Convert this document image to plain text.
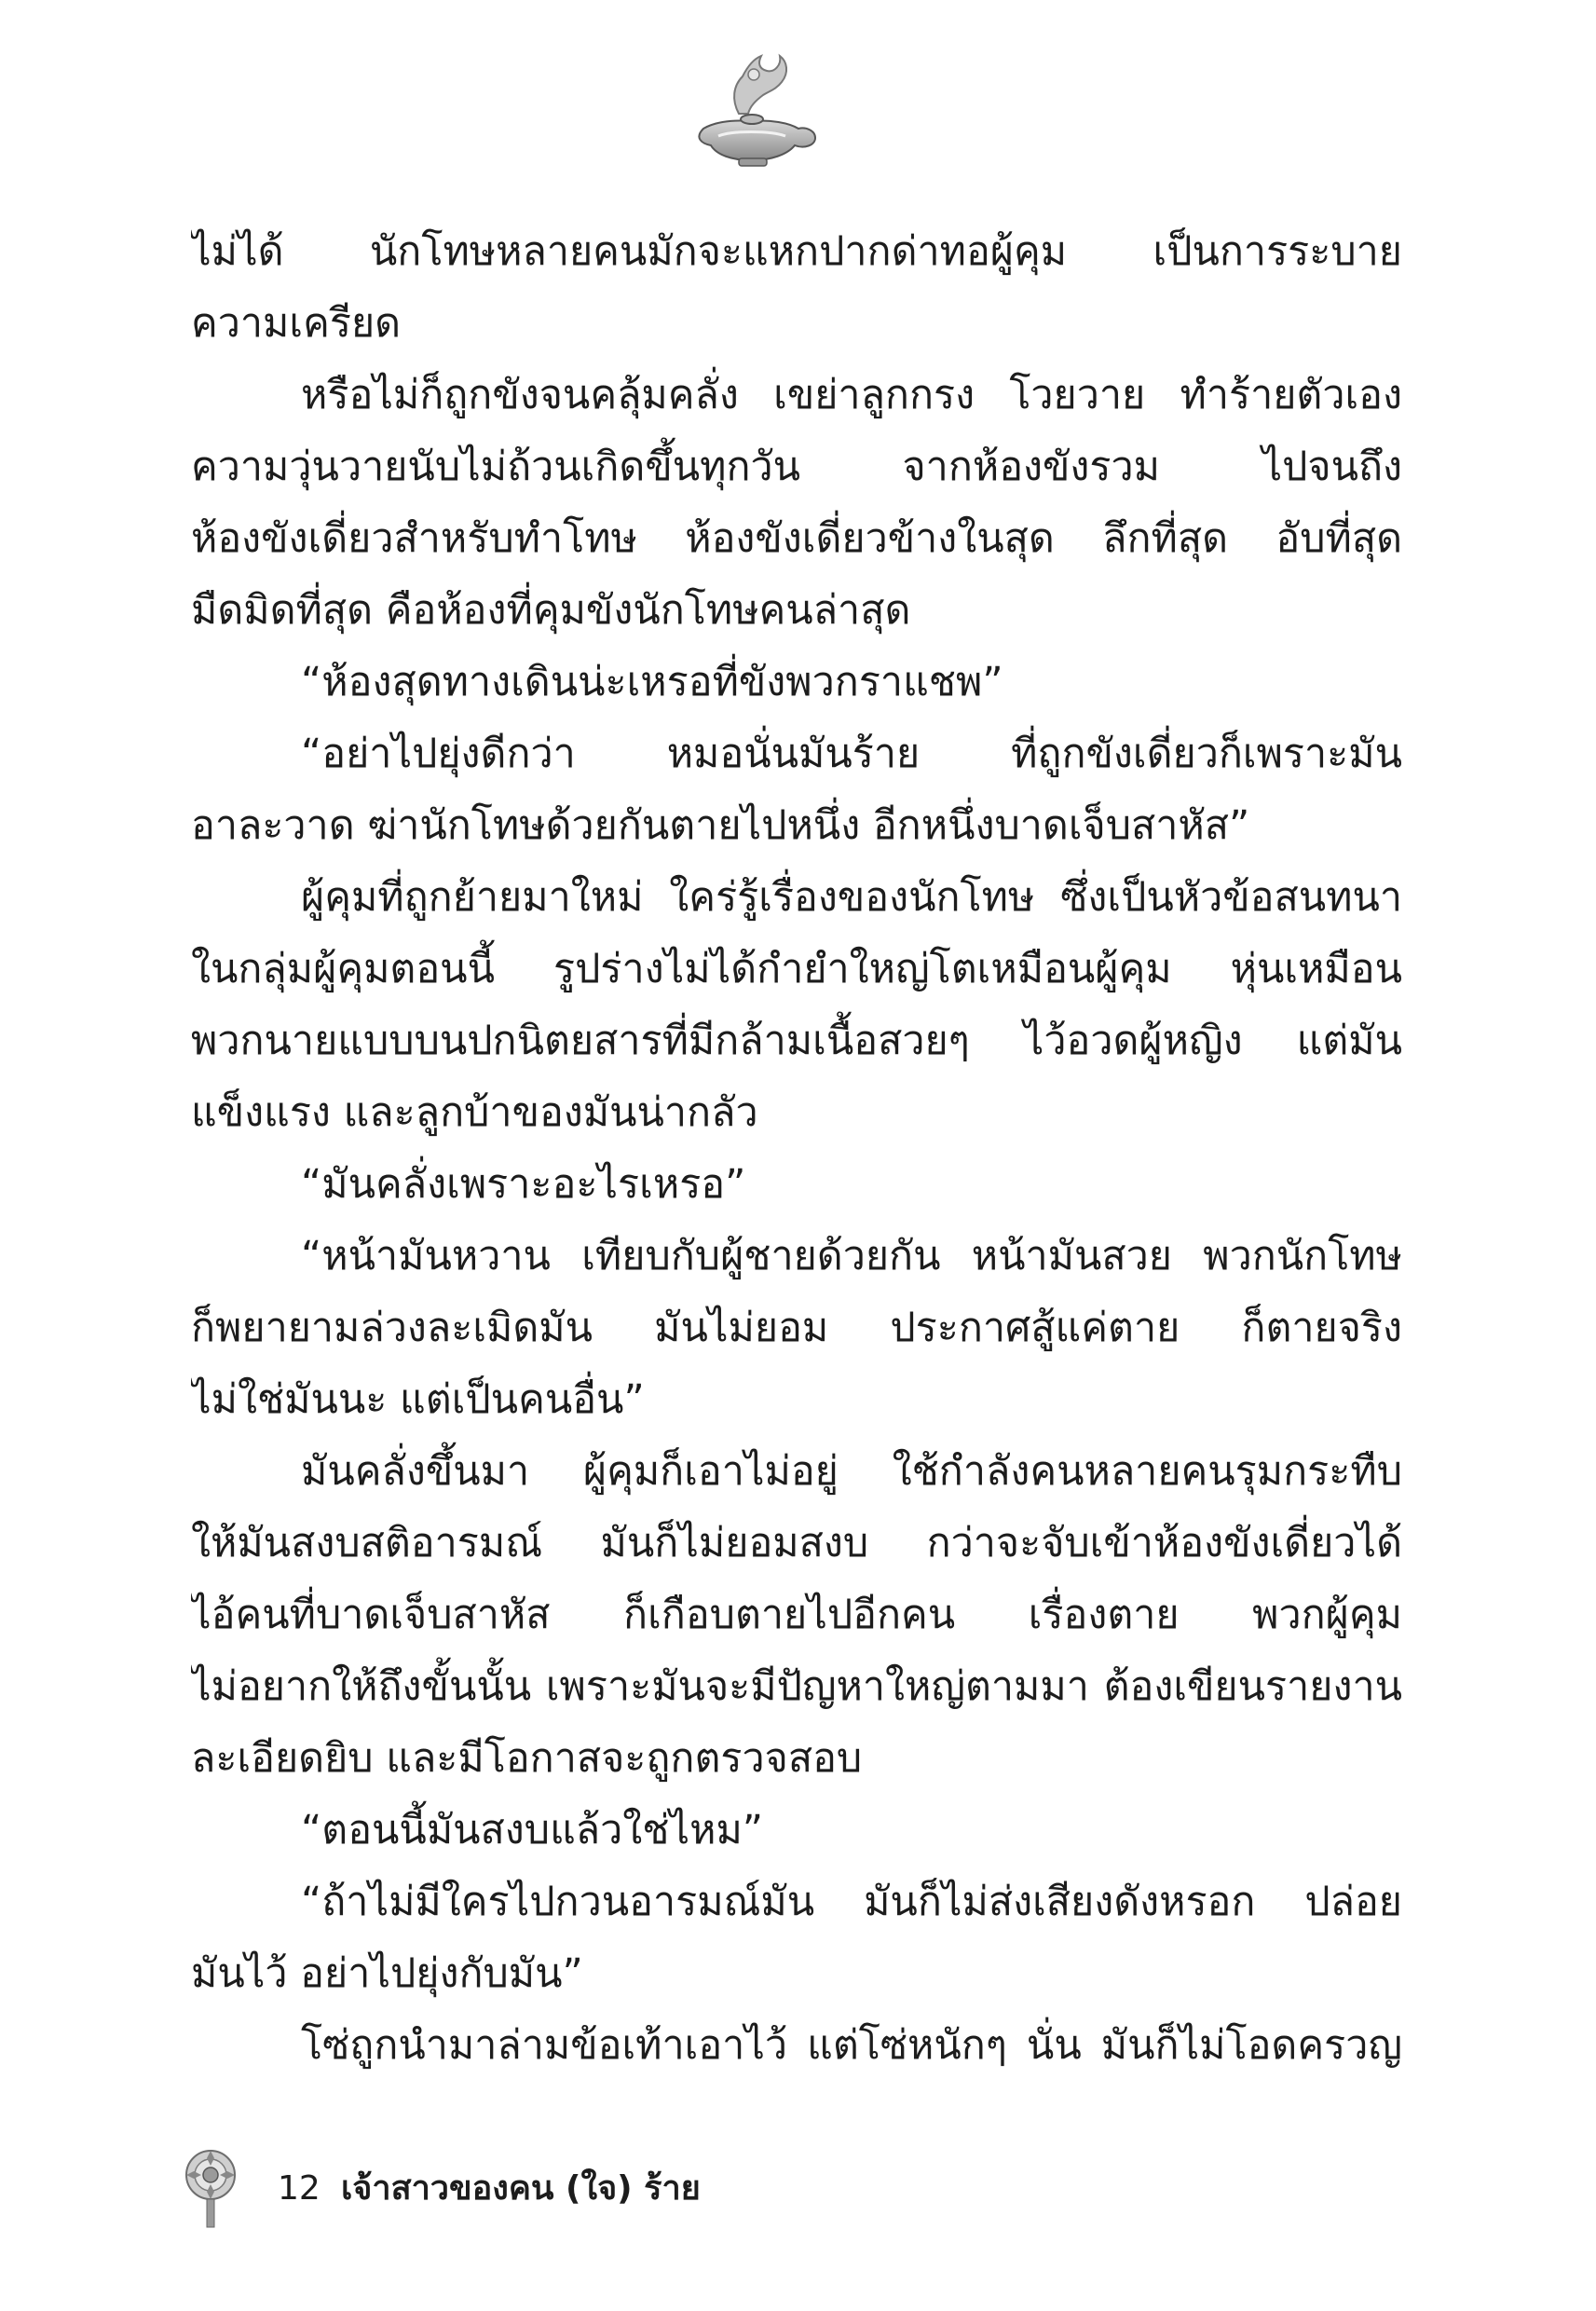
ไม่ได้ นักโทษหลายคนมักจะแหกปากด่าทอผู้คุม เป็นการระบาย
ความเครียด
หรือไม่ก็ถูกขังจนคลุ้มคลั่ง เขย่าลูกกรง โวยวาย ทำร้ายตัวเอง
ความวุ่นวายนับไม่ถ้วนเกิดขึ้นทุกวัน จากห้องขังรวม ไปจนถึง
ห้องขังเดี่ยวสำหรับทำโทษ ห้องขังเดี่ยวข้างในสุด ลึกที่สุด อับที่สุด
มืดมิดที่สุด คือห้องที่คุมขังนักโทษคนล่าสุด
“ห้องสุดทางเดินน่ะเหรอที่ขังพวกราแชพ”
“อย่าไปยุ่งดีกว่า หมอนั่นมันร้าย ที่ถูกขังเดี่ยวก็เพราะมัน
อาละวาด ฆ่านักโทษด้วยกันตายไปหนึ่ง อีกหนึ่งบาดเจ็บสาหัส”
ผู้คุมที่ถูกย้ายมาใหม่ ใคร่รู้เรื่องของนักโทษ ซึ่งเป็นหัวข้อสนทนา
ในกลุ่มผู้คุมตอนนี้ รูปร่างไม่ได้กำยำใหญ่โตเหมือนผู้คุม หุ่นเหมือน
พวกนายแบบบนปกนิตยสารที่มีกล้ามเนื้อสวยๆ ไว้อวดผู้หญิง แต่มัน
แข็งแรง และลูกบ้าของมันน่ากลัว
“มันคลั่งเพราะอะไรเหรอ”
“หน้ามันหวาน เทียบกับผู้ชายด้วยกัน หน้ามันสวย พวกนักโทษ
ก็พยายามล่วงละเมิดมัน มันไม่ยอม ประกาศสู้แค่ตาย ก็ตายจริง
ไม่ใช่มันนะ แต่เป็นคนอื่น”
มันคลั่งขึ้นมา ผู้คุมก็เอาไม่อยู่ ใช้กำลังคนหลายคนรุมกระทืบ
ให้มันสงบสติอารมณ์ มันก็ไม่ยอมสงบ กว่าจะจับเข้าห้องขังเดี่ยวได้
ไอ้คนที่บาดเจ็บสาหัส ก็เกือบตายไปอีกคน เรื่องตาย พวกผู้คุม
ไม่อยากให้ถึงขั้นนั้น เพราะมันจะมีปัญหาใหญ่ตามมา ต้องเขียนรายงาน
ละเอียดยิบ และมีโอกาสจะถูกตรวจสอบ
“ตอนนี้มันสงบแล้วใช่ไหม”
“ถ้าไม่มีใครไปกวนอารมณ์มัน มันก็ไม่ส่งเสียงดังหรอก ปล่อย
มันไว้ อย่าไปยุ่งกับมัน”
โซ่ถูกนำมาล่ามข้อเท้าเอาไว้ แต่โซ่หนักๆ นั่น มันก็ไม่โอดครวญ
12 เจ้าสาวของคน (ใจ) ร้าย
